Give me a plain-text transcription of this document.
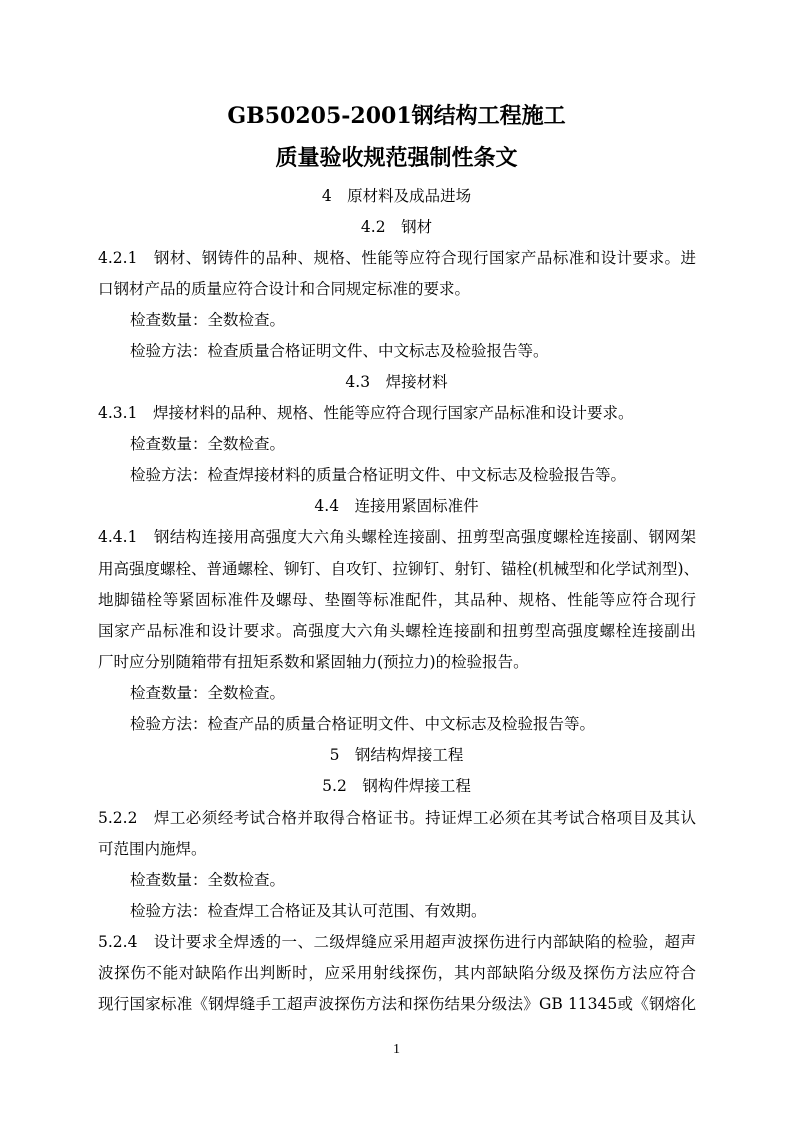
GB50205-2001钢结构工程施工
质量验收规范强制性条文
4　原材料及成品进场
4.2　钢材
4.2.1　钢材、钢铸件的品种、规格、性能等应符合现行国家产品标准和设计要求。进
口钢材产品的质量应符合设计和合同规定标准的要求。
检查数量：全数检查。
检验方法：检查质量合格证明文件、中文标志及检验报告等。
4.3　焊接材料
4.3.1　焊接材料的品种、规格、性能等应符合现行国家产品标准和设计要求。
检查数量：全数检查。
检验方法：检查焊接材料的质量合格证明文件、中文标志及检验报告等。
4.4　连接用紧固标准件
4.4.1　钢结构连接用高强度大六角头螺栓连接副、扭剪型高强度螺栓连接副、钢网架
用高强度螺栓、普通螺栓、铆钉、自攻钉、拉铆钉、射钉、锚栓(机械型和化学试剂型)、
地脚锚栓等紧固标准件及螺母、垫圈等标准配件，其品种、规格、性能等应符合现行
国家产品标准和设计要求。高强度大六角头螺栓连接副和扭剪型高强度螺栓连接副出
厂时应分别随箱带有扭矩系数和紧固轴力(预拉力)的检验报告。
检查数量：全数检查。
检验方法：检查产品的质量合格证明文件、中文标志及检验报告等。
5　钢结构焊接工程
5.2　钢构件焊接工程
5.2.2　焊工必须经考试合格并取得合格证书。持证焊工必须在其考试合格项目及其认
可范围内施焊。
检查数量：全数检查。
检验方法：检查焊工合格证及其认可范围、有效期。
5.2.4　设计要求全焊透的一、二级焊缝应采用超声波探伤进行内部缺陷的检验，超声
波探伤不能对缺陷作出判断时，应采用射线探伤，其内部缺陷分级及探伤方法应符合
现行国家标准《钢焊缝手工超声波探伤方法和探伤结果分级法》GB 11345或《钢熔化
1
